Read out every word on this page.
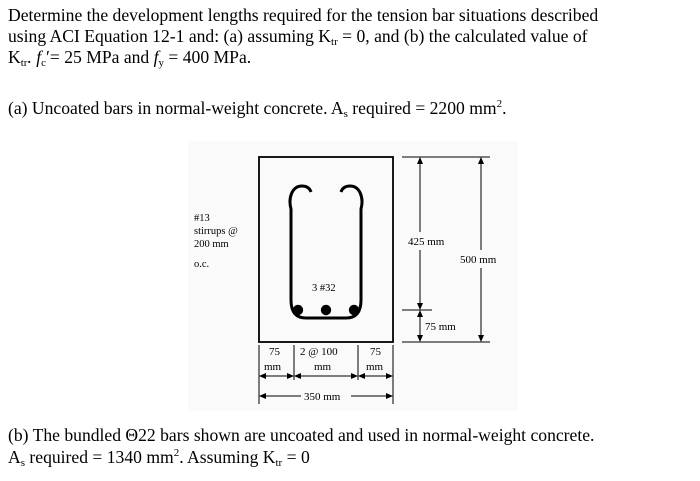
Determine the development lengths required for the tension bar situations described
using ACI Equation 12-1 and: (a) assuming $K_{tr} = 0$, and (b) the calculated value of
$K_{tr}$. $f_c'= 25$ MPa and $f_y = 400$ MPa.
(a) Uncoated bars in normal-weight concrete. $A_s$ required = 2200 $mm^2$.
#13
stirrups @
200 mm
o.c.
3 #32
425 mm
500 mm
75 mm
75
mm
2 @ 100
mm
75
mm
350 mm
(b) The bundled Θ22 bars shown are uncoated and used in normal-weight concrete.
$A_s$ required = 1340 $mm^2$. Assuming $K_{tr} = 0$
